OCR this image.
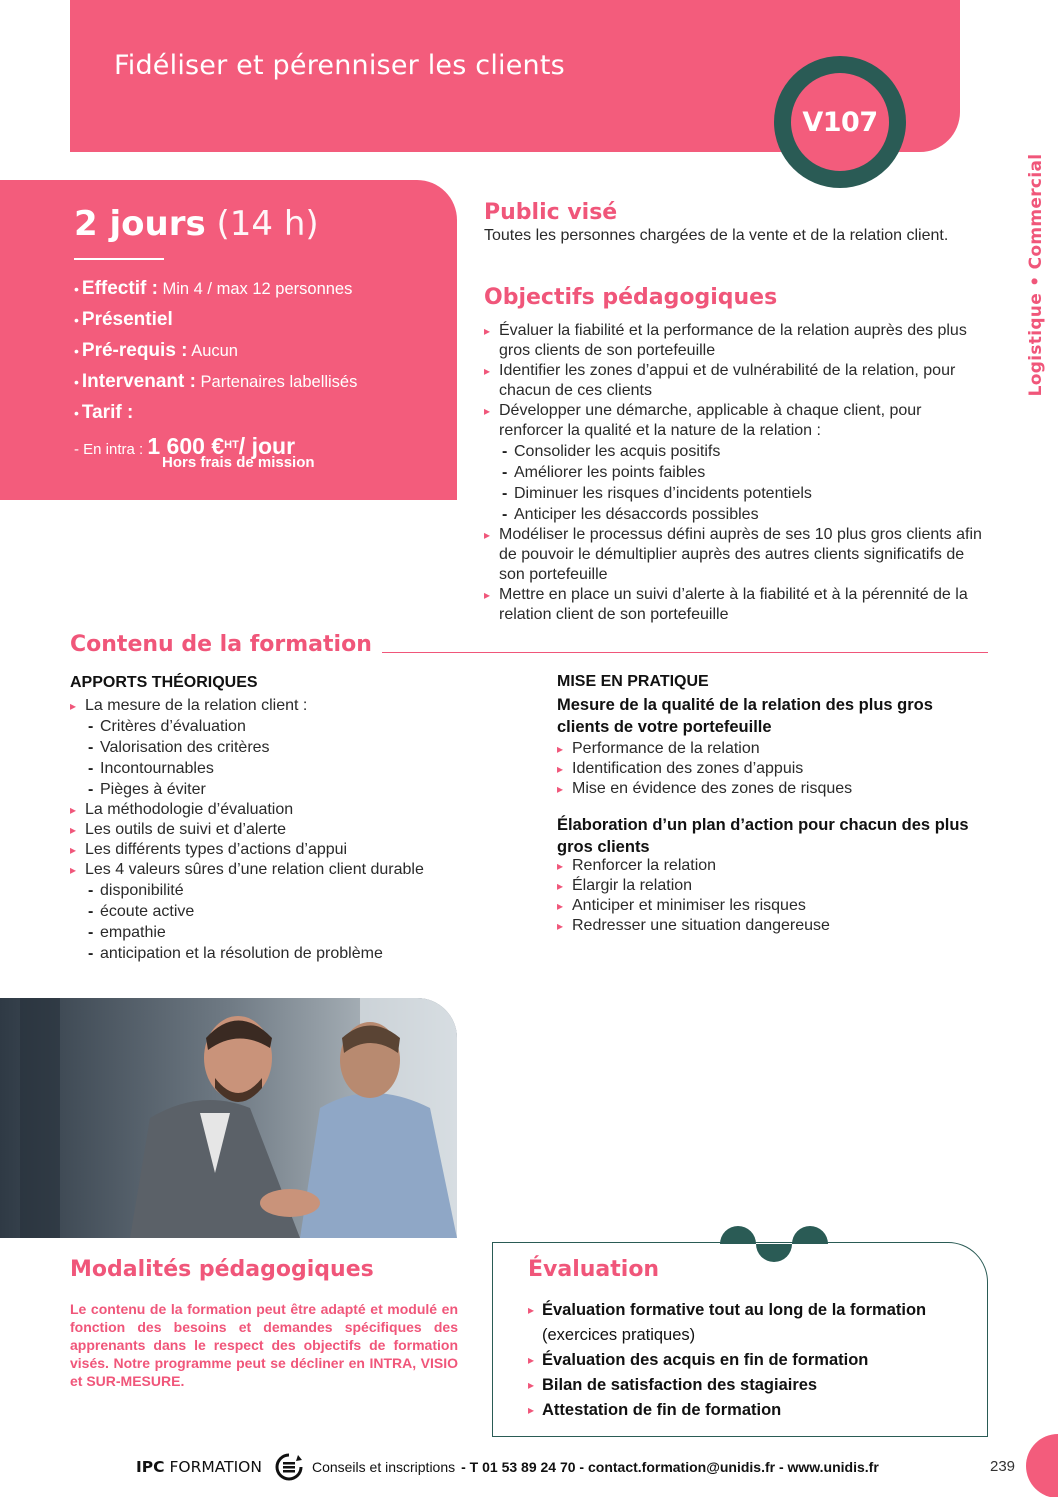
Fidéliser et pérenniser les clients
V107
Logistique • Commercial
2 jours (14 h)
• Effectif : Min 4 / max 12 personnes
• Présentiel
• Pré-requis : Aucun
• Intervenant : Partenaires labellisés
• Tarif :
- En intra : 1 600 €$^{HT}$/ jour
Hors frais de mission
Public visé
Toutes les personnes chargées de la vente et de la relation client.
Objectifs pédagogiques
▸ Évaluer la fiabilité et la performance de la relation auprès des plus gros clients de son portefeuille
▸ Identifier les zones d’appui et de vulnérabilité de la relation, pour chacun de ces clients
▸ Développer une démarche, applicable à chaque client, pour renforcer la qualité et la nature de la relation :
- Consolider les acquis positifs
- Améliorer les points faibles
- Diminuer les risques d’incidents potentiels
- Anticiper les désaccords possibles
▸ Modéliser le processus défini auprès de ses 10 plus gros clients afin de pouvoir le démultiplier auprès des autres clients significatifs de son portefeuille
▸ Mettre en place un suivi d’alerte à la fiabilité et à la pérennité de la relation client de son portefeuille
Contenu de la formation
APPORTS THÉORIQUES
▸ La mesure de la relation client :
- Critères d’évaluation
- Valorisation des critères
- Incontournables
- Pièges à éviter
▸ La méthodologie d’évaluation
▸ Les outils de suivi et d’alerte
▸ Les différents types d’actions d’appui
▸ Les 4 valeurs sûres d’une relation client durable
- disponibilité
- écoute active
- empathie
- anticipation et la résolution de problème
MISE EN PRATIQUE
Mesure de la qualité de la relation des plus gros clients de votre portefeuille
▸ Performance de la relation
▸ Identification des zones d’appuis
▸ Mise en évidence des zones de risques
Élaboration d’un plan d’action pour chacun des plus gros clients
▸ Renforcer la relation
▸ Élargir la relation
▸ Anticiper et minimiser les risques
▸ Redresser une situation dangereuse
Modalités pédagogiques
Le contenu de la formation peut être adapté et modulé en fonction des besoins et demandes spécifiques des apprenants dans le respect des objectifs de formation visés. Notre programme peut se décliner en INTRA, VISIO et SUR-MESURE.
Évaluation
▸ Évaluation formative tout au long de la formation
(exercices pratiques)
▸ Évaluation des acquis en fin de formation
▸ Bilan de satisfaction des stagiaires
▸ Attestation de fin de formation
IPC FORMATION	Conseils et inscriptions - T 01 53 89 24 70 - contact.formation@unidis.fr - www.unidis.fr	239
